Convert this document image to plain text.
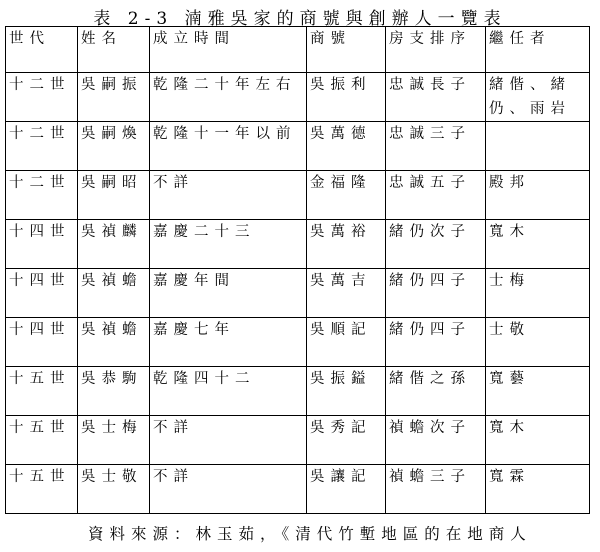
表 2-3 湳雅吳家的商號與創辦人一覽表
世代	姓名	成立時間	商號	房支排序	繼任者
十二世	吳嗣振	乾隆二十年左右	吳振利	忠誠長子	緒偕、緒仍、雨岩
十二世	吳嗣煥	乾隆十一年以前	吳萬德	忠誠三子	
十二世	吳嗣昭	不詳	金福隆	忠誠五子	殿邦
十四世	吳禎麟	嘉慶二十三	吳萬裕	緒仍次子	寬木
十四世	吳禎蟾	嘉慶年間	吳萬吉	緒仍四子	士梅
十四世	吳禎蟾	嘉慶七年	吳順記	緒仍四子	士敬
十五世	吳恭駒	乾隆四十二	吳振鎰	緒偕之孫	寬藝
十五世	吳士梅	不詳	吳秀記	禎蟾次子	寬木
十五世	吳士敬	不詳	吳讓記	禎蟾三子	寬霖
資料來源：林玉茹，《清代竹塹地區的在地商人
